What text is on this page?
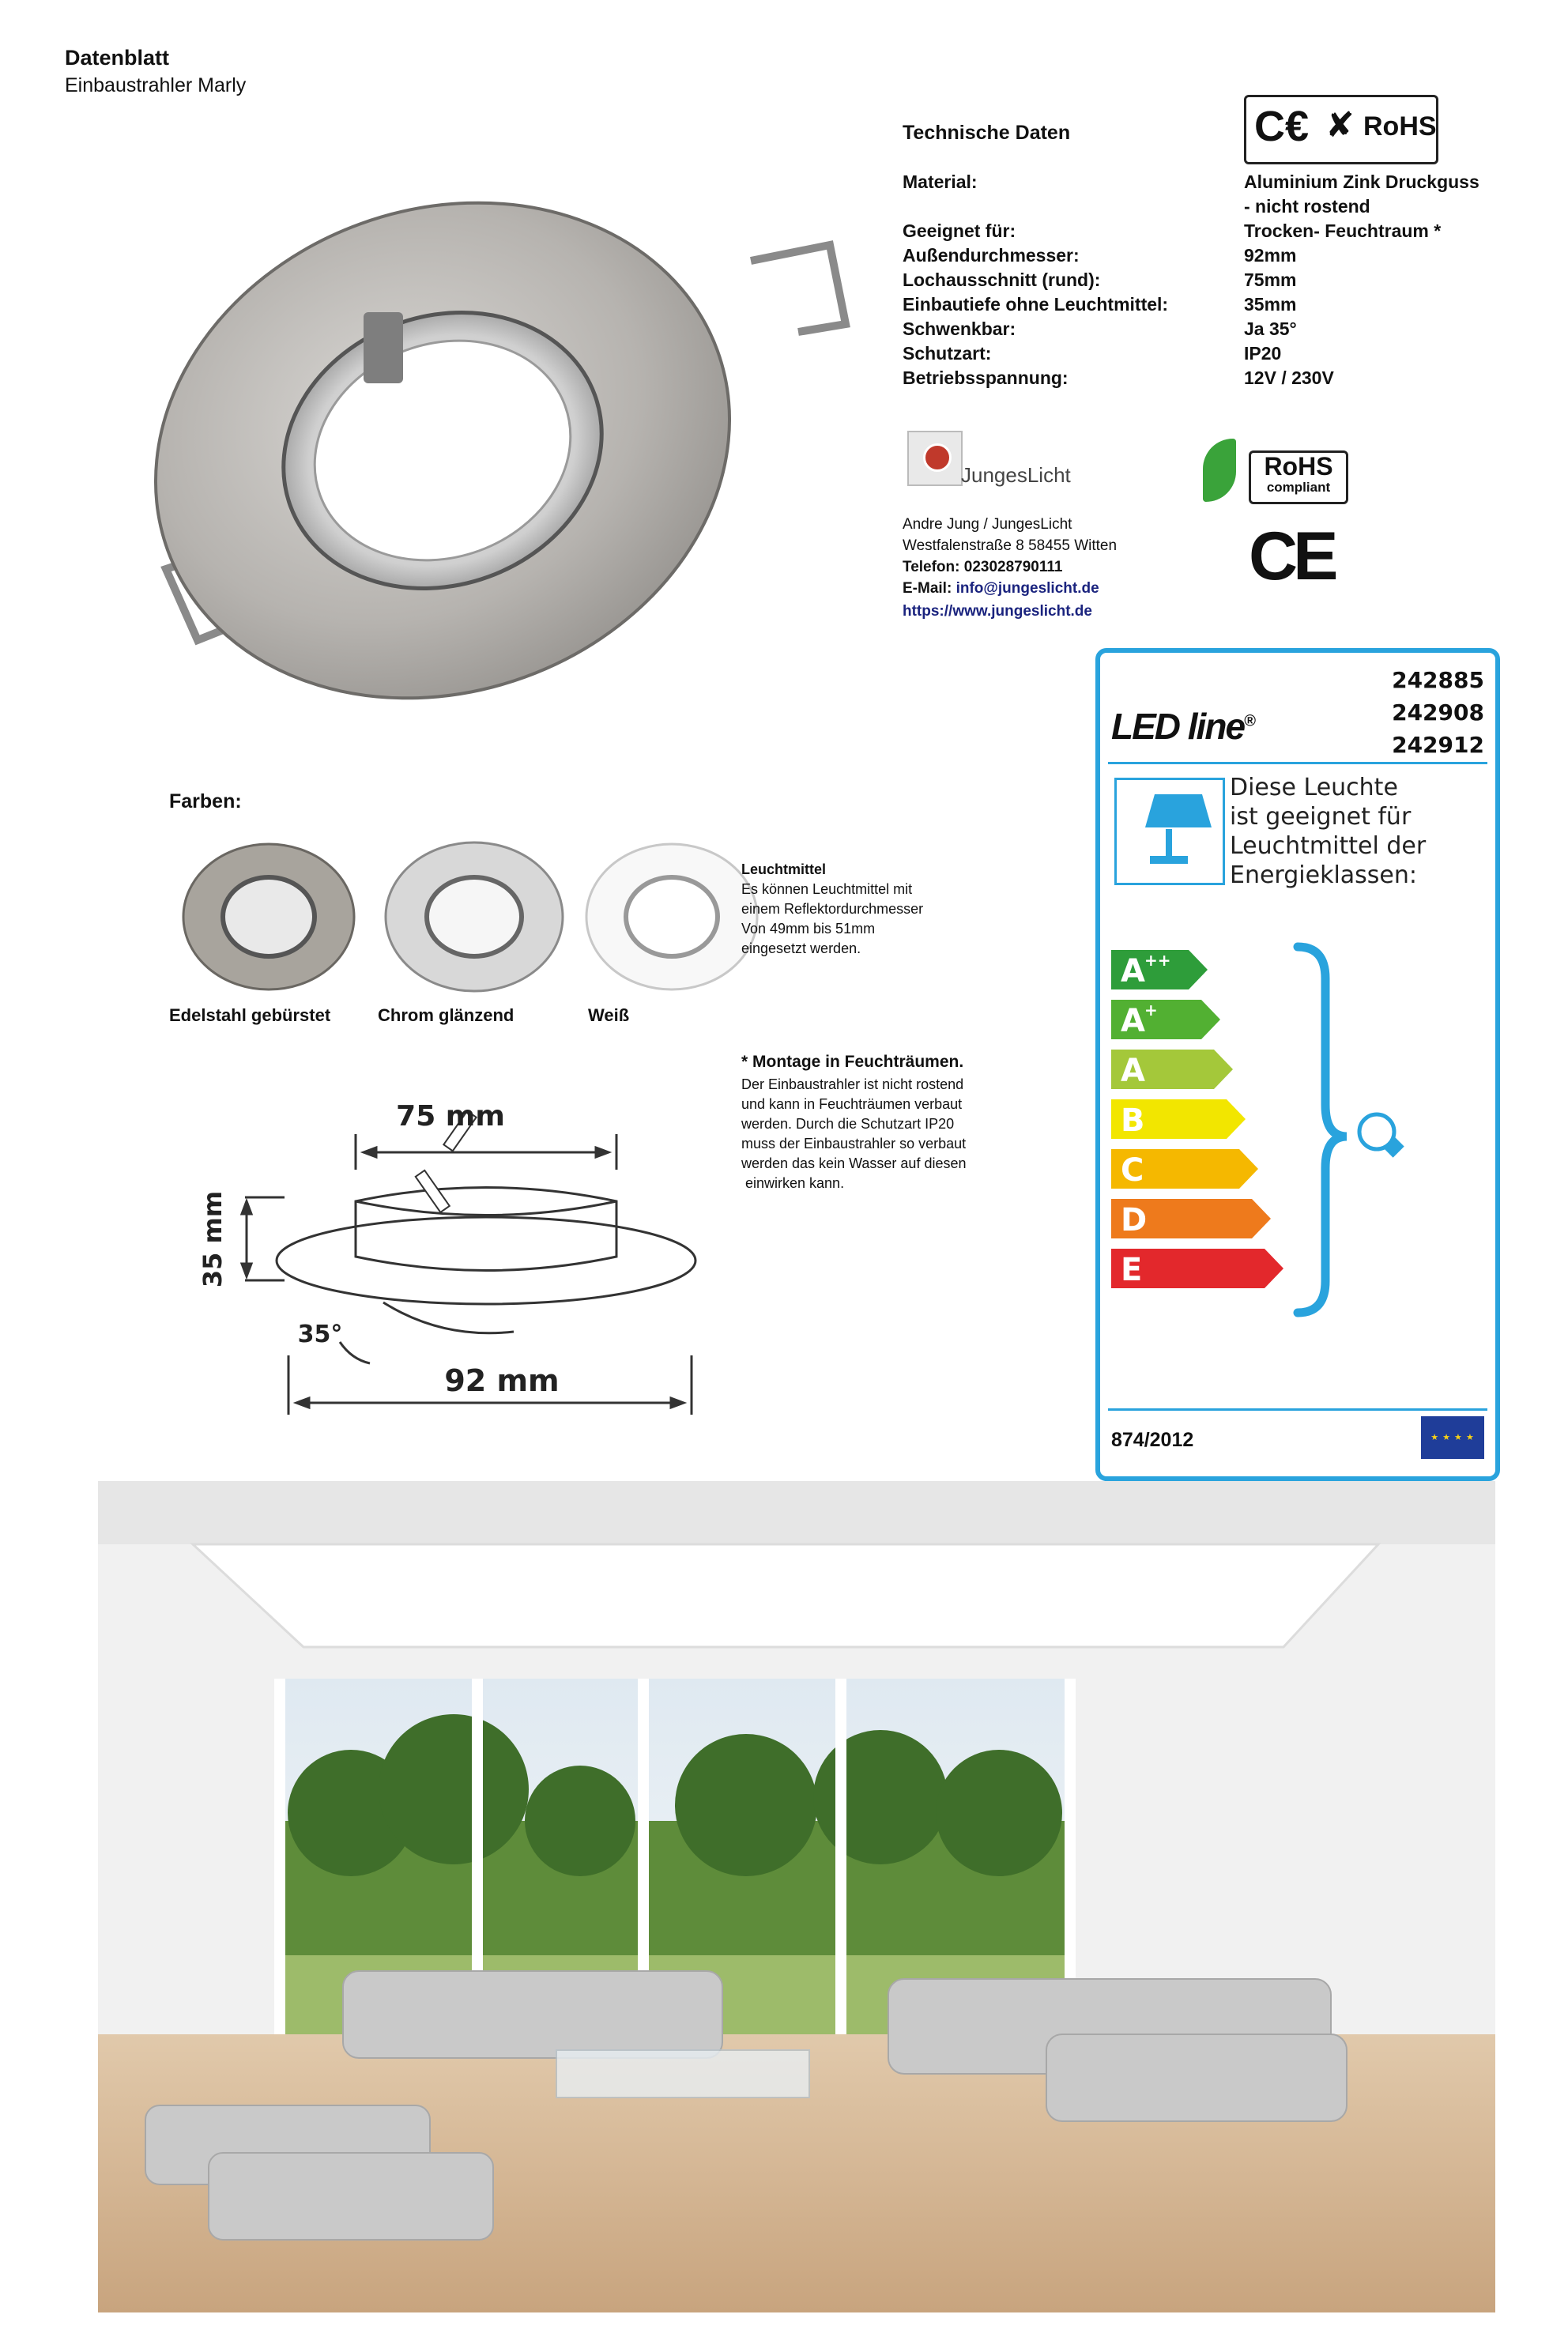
Datenblatt
Einbaustrahler Marly
C€ ✘ RoHS
Technische Daten
Material:	Aluminium Zink Druckguss
- nicht rostend
Geeignet für:	Trocken- Feuchtraum *
Außendurchmesser:	92mm
Lochausschnitt (rund):	75mm
Einbautiefe ohne Leuchtmittel:	35mm
Schwenkbar:	Ja 35°
Schutzart:	IP20
Betriebsspannung:	12V / 230V
JungesLicht	RoHS
compliant
CE
Andre Jung / JungesLicht
Westfalenstraße 8 58455 Witten
Telefon: 023028790111
E-Mail: info@jungeslicht.de
https://www.jungeslicht.de
Farben:
Edelstahl gebürstet	Chrom glänzend	Weiß
Leuchtmittel
Es können Leuchtmittel mit
einem Reflektordurchmesser
Von 49mm bis 51mm
eingesetzt werden.
* Montage in Feuchträumen.
Der Einbaustrahler ist nicht rostend
und kann in Feuchträumen verbaut
werden. Durch die Schutzart IP20
muss der Einbaustrahler so verbaut
werden das kein Wasser auf diesen
einwirken kann.
75 mm
35 mm
35°
92 mm
242885
242908
242912
LED line®
Diese Leuchte
ist geeignet für
Leuchtmittel der
Energieklassen:
A ++
A +
A
B
C
D
E
874/2012	★ ★ ★ ★
